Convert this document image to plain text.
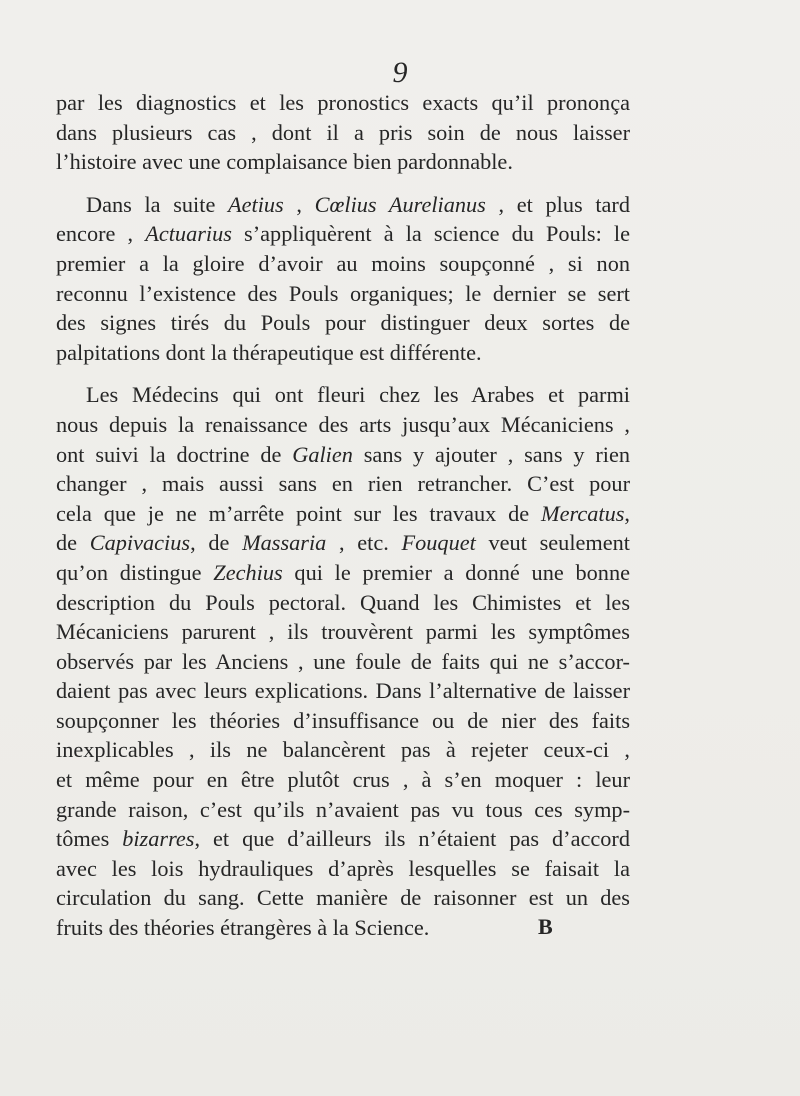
9
par les diagnostics et les pronostics exacts qu’il prononça
dans plusieurs cas , dont il a pris soin de nous laisser
l’histoire avec une complaisance bien pardonnable.
Dans la suite Aetius , Cœlius Aurelianus , et plus tard
encore , Actuarius s’appliquèrent à la science du Pouls: le
premier a la gloire d’avoir au moins soupçonné , si non
reconnu l’existence des Pouls organiques; le dernier se sert
des signes tirés du Pouls pour distinguer deux sortes de
palpitations dont la thérapeutique est différente.
Les Médecins qui ont fleuri chez les Arabes et parmi
nous depuis la renaissance des arts jusqu’aux Mécaniciens ,
ont suivi la doctrine de Galien sans y ajouter , sans y rien
changer , mais aussi sans en rien retrancher. C’est pour
cela que je ne m’arrête point sur les travaux de Mercatus,
de Capivacius, de Massaria , etc. Fouquet veut seulement
qu’on distingue Zechius qui le premier a donné une bonne
description du Pouls pectoral. Quand les Chimistes et les
Mécaniciens parurent , ils trouvèrent parmi les symptômes
observés par les Anciens , une foule de faits qui ne s’accor-
daient pas avec leurs explications. Dans l’alternative de laisser
soupçonner les théories d’insuffisance ou de nier des faits
inexplicables , ils ne balancèrent pas à rejeter ceux-ci ,
et même pour en être plutôt crus , à s’en moquer : leur
grande raison, c’est qu’ils n’avaient pas vu tous ces symp-
tômes bizarres, et que d’ailleurs ils n’étaient pas d’accord
avec les lois hydrauliques d’après lesquelles se faisait la
circulation du sang. Cette manière de raisonner est un des
fruits des théories étrangères à la Science.	B
